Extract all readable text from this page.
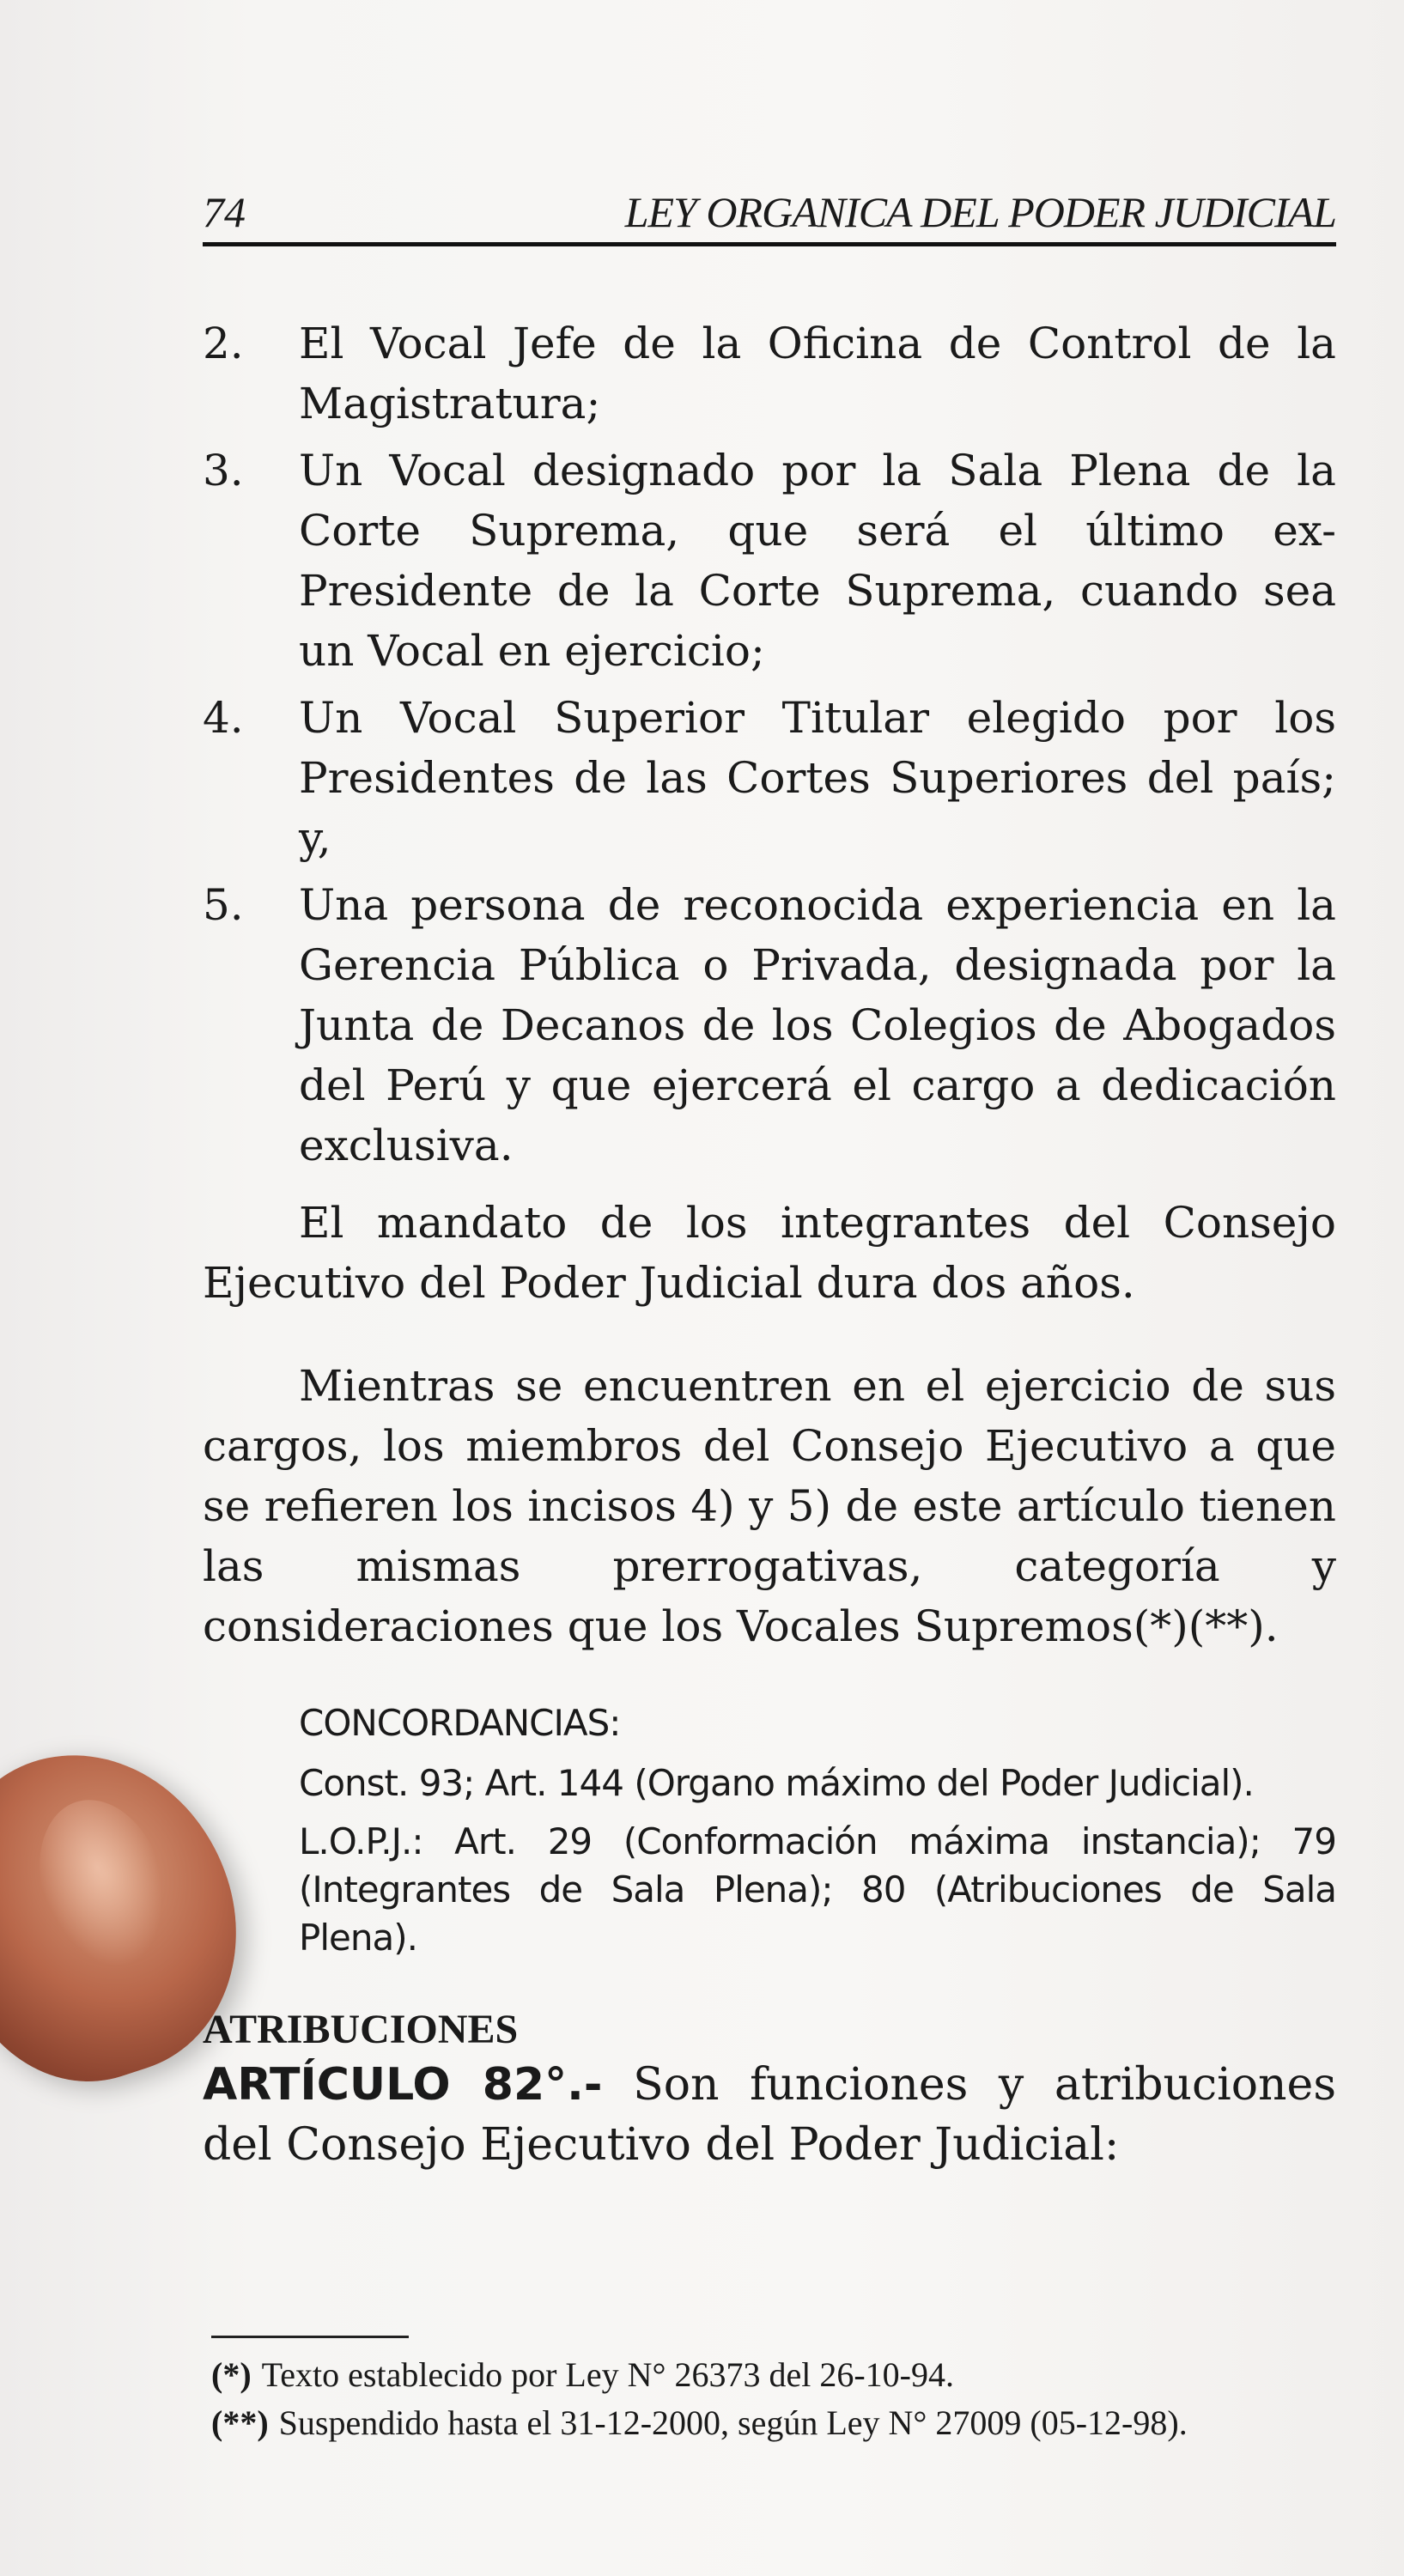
74	LEY ORGANICA DEL PODER JUDICIAL
2. El Vocal Jefe de la Oficina de Control de la Magistratura;
3. Un Vocal designado por la Sala Plena de la Corte Suprema, que será el último ex-Presidente de la Corte Suprema, cuando sea un Vocal en ejercicio;
4. Un Vocal Superior Titular elegido por los Presidentes de las Cortes Superiores del país; y,
5. Una persona de reconocida experiencia en la Gerencia Pública o Privada, designada por la Junta de Decanos de los Colegios de Abogados del Perú y que ejercerá el cargo a dedicación exclusiva.

El mandato de los integrantes del Consejo Ejecutivo del Poder Judicial dura dos años.

Mientras se encuentren en el ejercicio de sus cargos, los miembros del Consejo Ejecutivo a que se refieren los incisos 4) y 5) de este artículo tienen las mismas prerrogativas, categoría y consideraciones que los Vocales Supremos(*)(**).

CONCORDANCIAS:
Const. 93; Art. 144 (Organo máximo del Poder Judicial).
L.O.P.J.: Art. 29 (Conformación máxima instancia); 79 (Integrantes de Sala Plena); 80 (Atribuciones de Sala Plena).
ATRIBUCIONES
ARTÍCULO 82°.- Son funciones y atribuciones del Consejo Ejecutivo del Poder Judicial:
(*) Texto establecido por Ley N° 26373 del 26-10-94.
(**) Suspendido hasta el 31-12-2000, según Ley N° 27009 (05-12-98).
